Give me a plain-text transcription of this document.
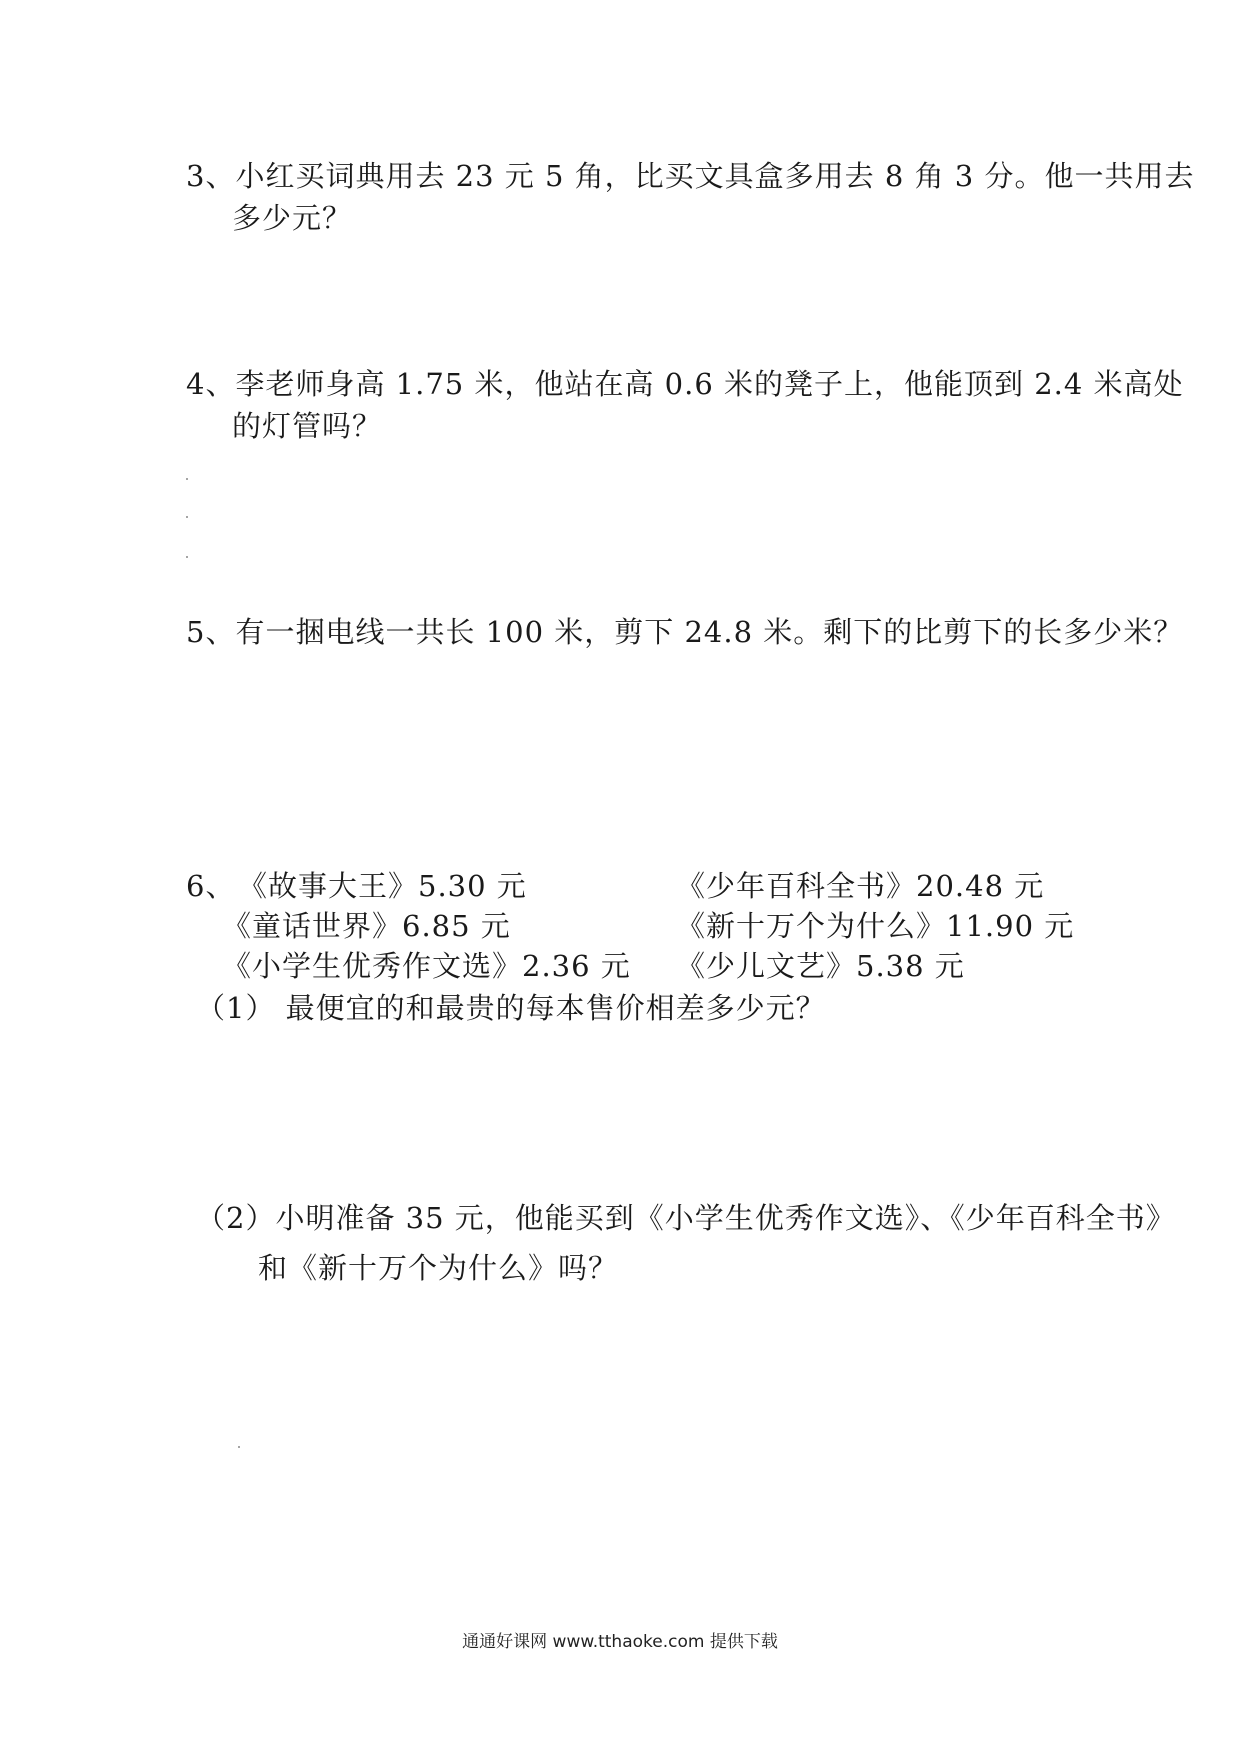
3、小红买词典用去 23 元 5 角，比买文具盒多用去 8 角 3 分。他一共用去
多少元？
4、李老师身高 1.75 米，他站在高 0.6 米的凳子上，他能顶到 2.4 米高处
的灯管吗？
5、有一捆电线一共长 100 米，剪下 24.8 米。剩下的比剪下的长多少米？
6、 《故事大王》5.30 元	《少年百科全书》20.48 元
《童话世界》6.85 元	《新十万个为什么》11.90 元
《小学生优秀作文选》2.36 元 《少儿文艺》5.38 元
（1） 最便宜的和最贵的每本售价相差多少元？
（2）小明准备 35 元，他能买到《小学生优秀作文选》、《少年百科全书》
和《新十万个为什么》吗？
通通好课网 www.tthaoke.com 提供下载
